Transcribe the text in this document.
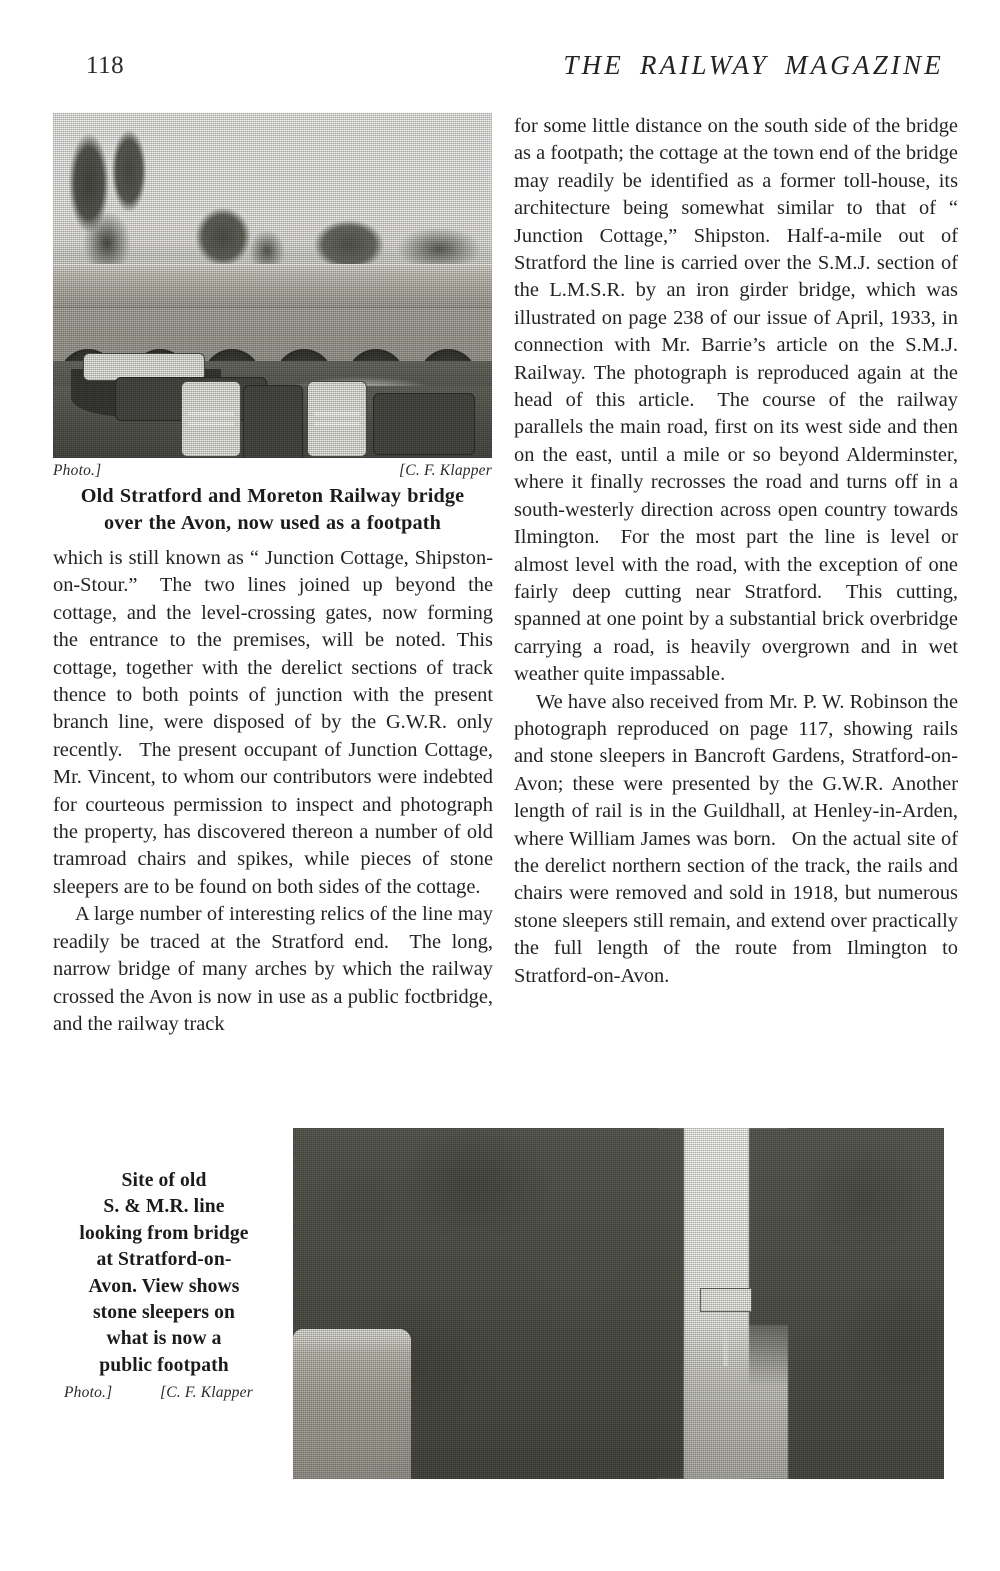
118	THE RAILWAY MAGAZINE
Photo.]	[C. F. Klapper
Old Stratford and Moreton Railway bridge
over the Avon, now used as a footpath

which is still known as “ Junction Cottage, Shipston-on-Stour.”  The two lines joined up beyond the cottage, and the level-crossing gates, now forming the entrance to the premises, will be noted. This cottage, together with the derelict sections of track thence to both points of junction with the present branch line, were disposed of by the G.W.R. only recently.  The present occupant of Junction Cottage, Mr. Vincent, to whom our contributors were indebted for courteous permission to inspect and photograph the property, has discovered thereon a number of old tramroad chairs and spikes, while pieces of stone sleepers are to be found on both sides of the cottage.

A large number of interesting relics of the line may readily be traced at the Stratford end.  The long, narrow bridge of many arches by which the railway crossed the Avon is now in use as a public foctbridge, and the railway track

for some little distance on the south side of the bridge as a footpath; the cottage at the town end of the bridge may readily be identified as a former toll-house, its architecture being somewhat similar to that of “ Junction Cottage,” Shipston. Half-a-mile out of Stratford the line is carried over the S.M.J. section of the L.M.S.R. by an iron girder bridge, which was illustrated on page 238 of our issue of April, 1933, in connection with Mr. Barrie’s article on the S.M.J. Railway. The photograph is reproduced again at the head of this article.  The course of the railway parallels the main road, first on its west side and then on the east, until a mile or so beyond Alderminster, where it finally recrosses the road and turns off in a south-westerly direction across open country towards Ilmington.  For the most part the line is level or almost level with the road, with the exception of one fairly deep cutting near Stratford.  This cutting, spanned at one point by a substantial brick overbridge carrying a road, is heavily overgrown and in wet weather quite impassable.

We have also received from Mr. P. W. Robinson the photograph reproduced on page 117, showing rails and stone sleepers in Bancroft Gardens, Stratford-on-Avon; these were presented by the G.W.R. Another length of rail is in the Guildhall, at Henley-in-Arden, where William James was born.  On the actual site of the derelict northern section of the track, the rails and chairs were removed and sold in 1918, but numerous stone sleepers still remain, and extend over practically the full length of the route from Ilmington to Stratford-on-Avon.

Site of old
S. & M.R. line
looking from bridge
at Stratford-on-
Avon. View shows
stone sleepers on
what is now a
public footpath
Photo.]	[C. F. Klapper
